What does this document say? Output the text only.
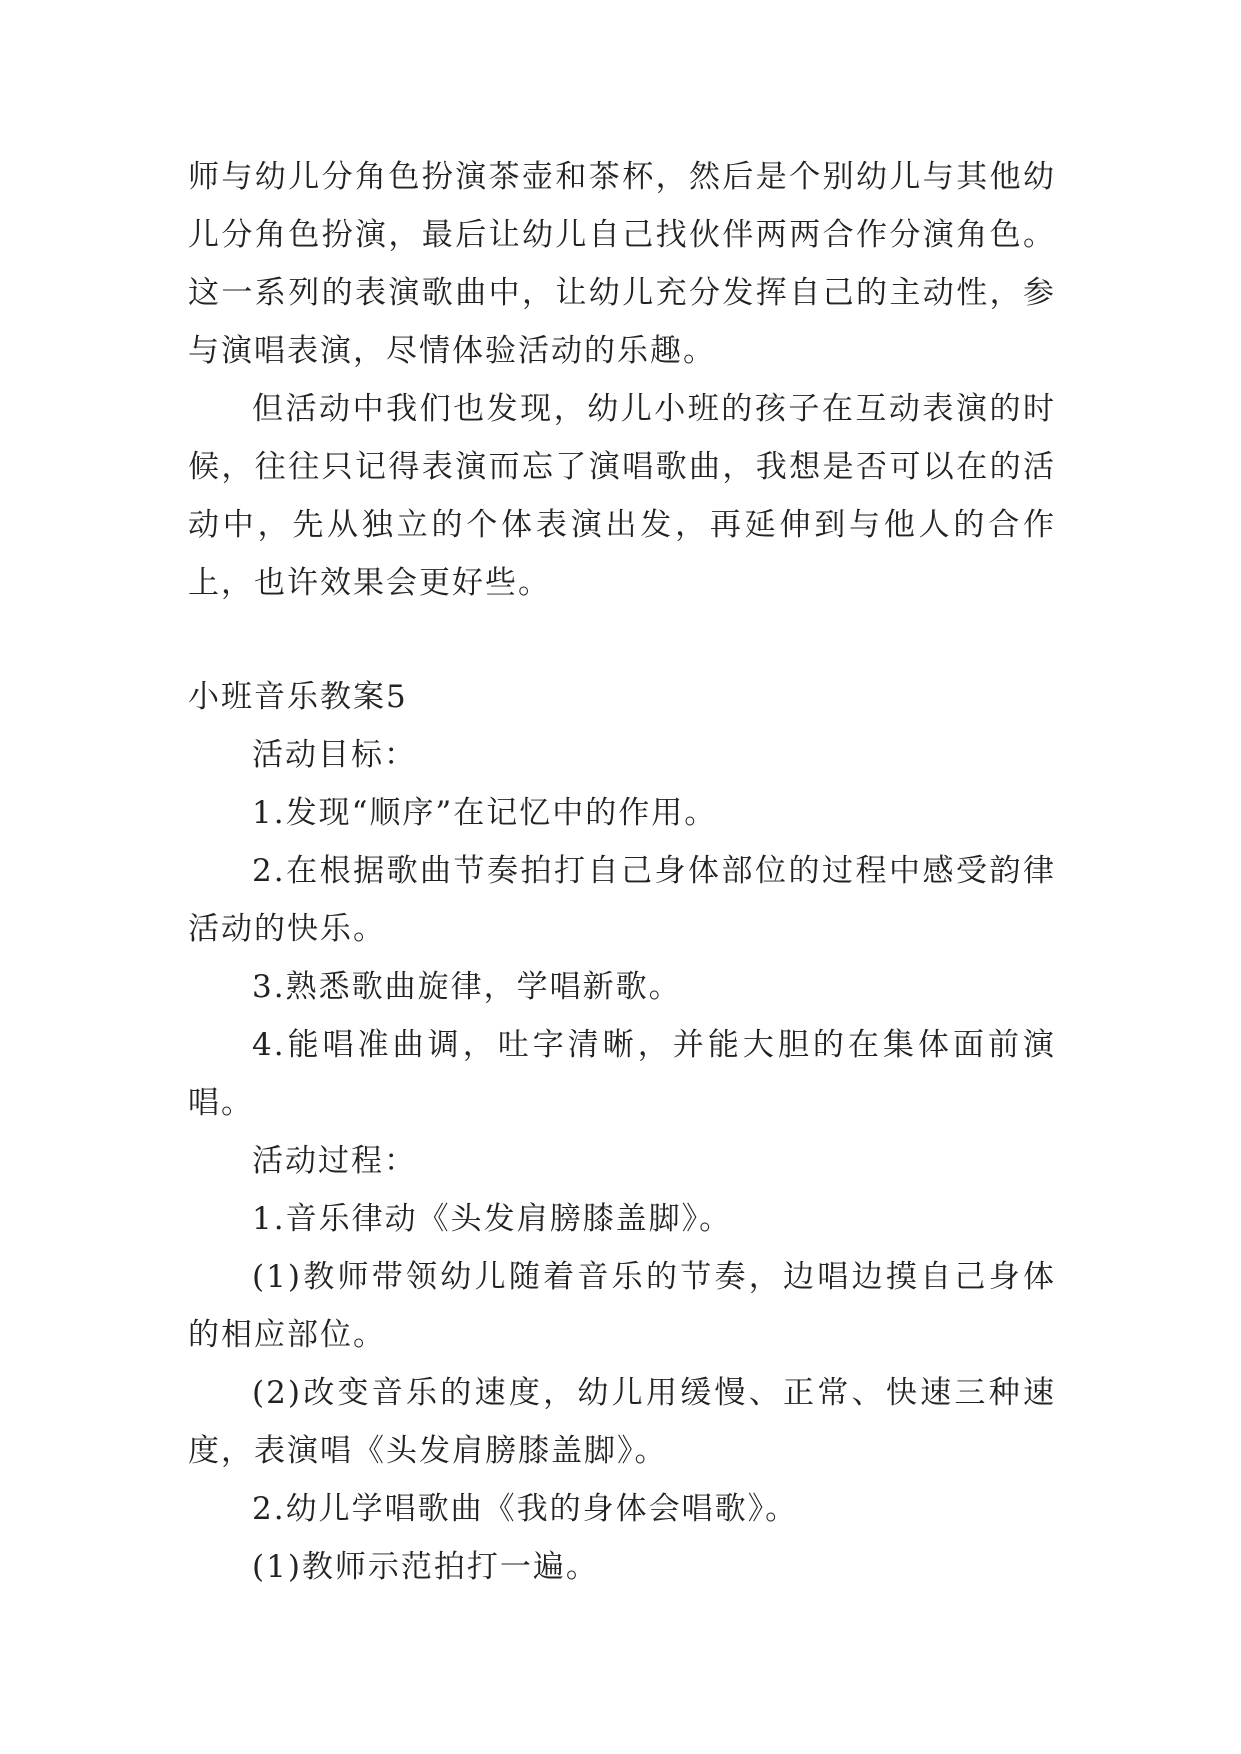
师与幼儿分角色扮演茶壶和茶杯，然后是个别幼儿与其他幼儿分角色扮演，最后让幼儿自己找伙伴两两合作分演角色。这一系列的表演歌曲中，让幼儿充分发挥自己的主动性，参与演唱表演，尽情体验活动的乐趣。

但活动中我们也发现，幼儿小班的孩子在互动表演的时候，往往只记得表演而忘了演唱歌曲，我想是否可以在的活动中，先从独立的个体表演出发，再延伸到与他人的合作上，也许效果会更好些。

小班音乐教案5

活动目标：

1.发现“顺序”在记忆中的作用。

2.在根据歌曲节奏拍打自己身体部位的过程中感受韵律活动的快乐。

3.熟悉歌曲旋律，学唱新歌。

4.能唱准曲调，吐字清晰，并能大胆的在集体面前演唱。

活动过程：

1.音乐律动《头发肩膀膝盖脚》。

(1)教师带领幼儿随着音乐的节奏，边唱边摸自己身体的相应部位。

(2)改变音乐的速度，幼儿用缓慢、正常、快速三种速度，表演唱《头发肩膀膝盖脚》。

2.幼儿学唱歌曲《我的身体会唱歌》。

(1)教师示范拍打一遍。
